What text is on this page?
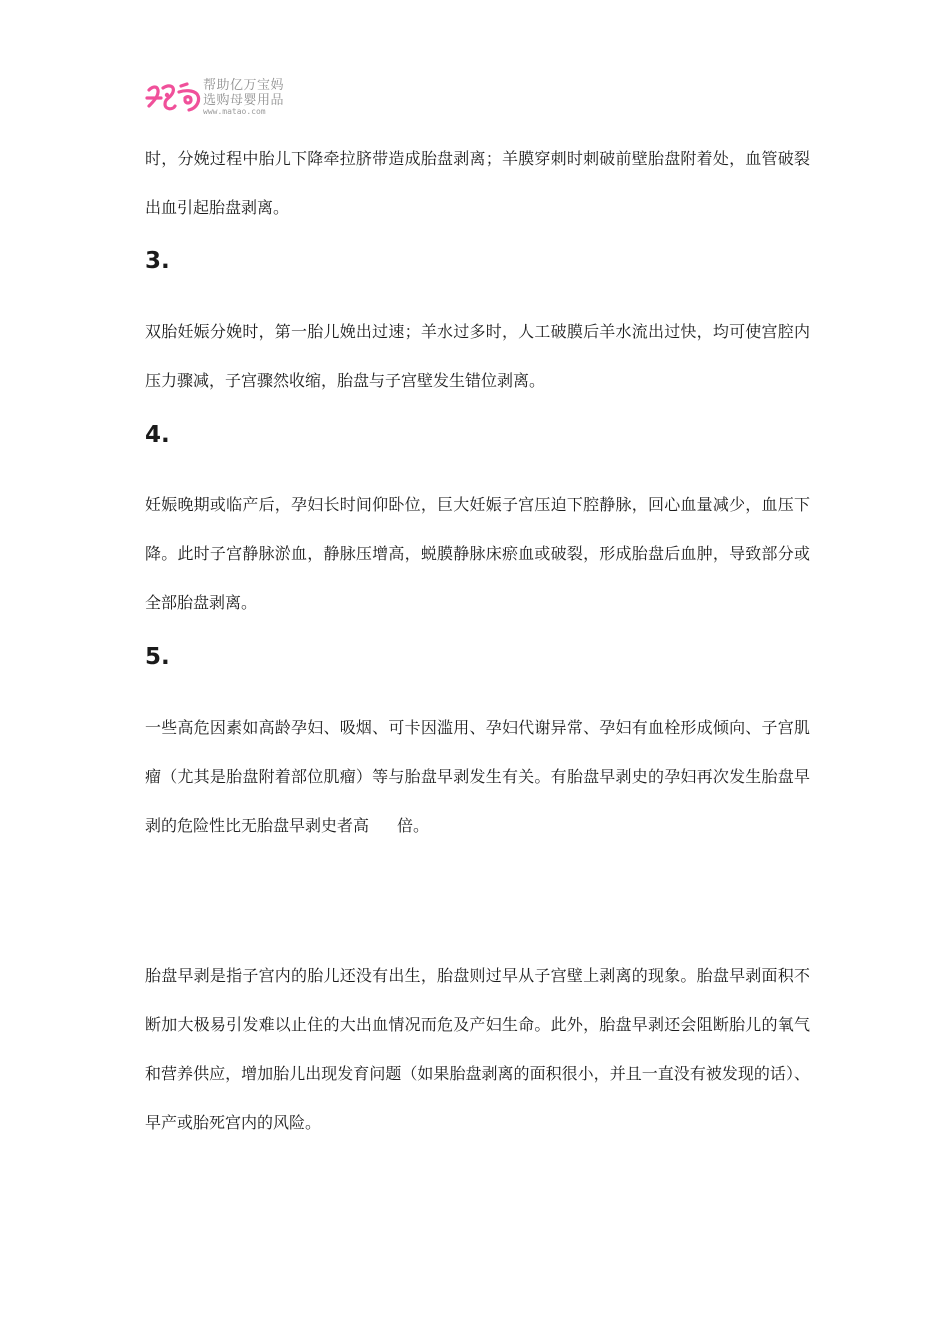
帮助亿万宝妈
选购母婴用品
www.matao.com

时，分娩过程中胎儿下降牵拉脐带造成胎盘剥离；羊膜穿刺时刺破前壁胎盘附着处，血管破裂出血引起胎盘剥离。

3.

双胎妊娠分娩时，第一胎儿娩出过速；羊水过多时，人工破膜后羊水流出过快，均可使宫腔内压力骤减，子宫骤然收缩，胎盘与子宫壁发生错位剥离。

4.

妊娠晚期或临产后，孕妇长时间仰卧位，巨大妊娠子宫压迫下腔静脉，回心血量减少，血压下降。此时子宫静脉淤血，静脉压增高，蜕膜静脉床瘀血或破裂，形成胎盘后血肿，导致部分或全部胎盘剥离。

5.

一些高危因素如高龄孕妇、吸烟、可卡因滥用、孕妇代谢异常、孕妇有血栓形成倾向、子宫肌瘤（尤其是胎盘附着部位肌瘤）等与胎盘早剥发生有关。有胎盘早剥史的孕妇再次发生胎盘早剥的危险性比无胎盘早剥史者高 倍。

胎盘早剥是指子宫内的胎儿还没有出生，胎盘则过早从子宫壁上剥离的现象。胎盘早剥面积不断加大极易引发难以止住的大出血情况而危及产妇生命。此外，胎盘早剥还会阻断胎儿的氧气和营养供应，增加胎儿出现发育问题（如果胎盘剥离的面积很小，并且一直没有被发现的话）、早产或胎死宫内的风险。
